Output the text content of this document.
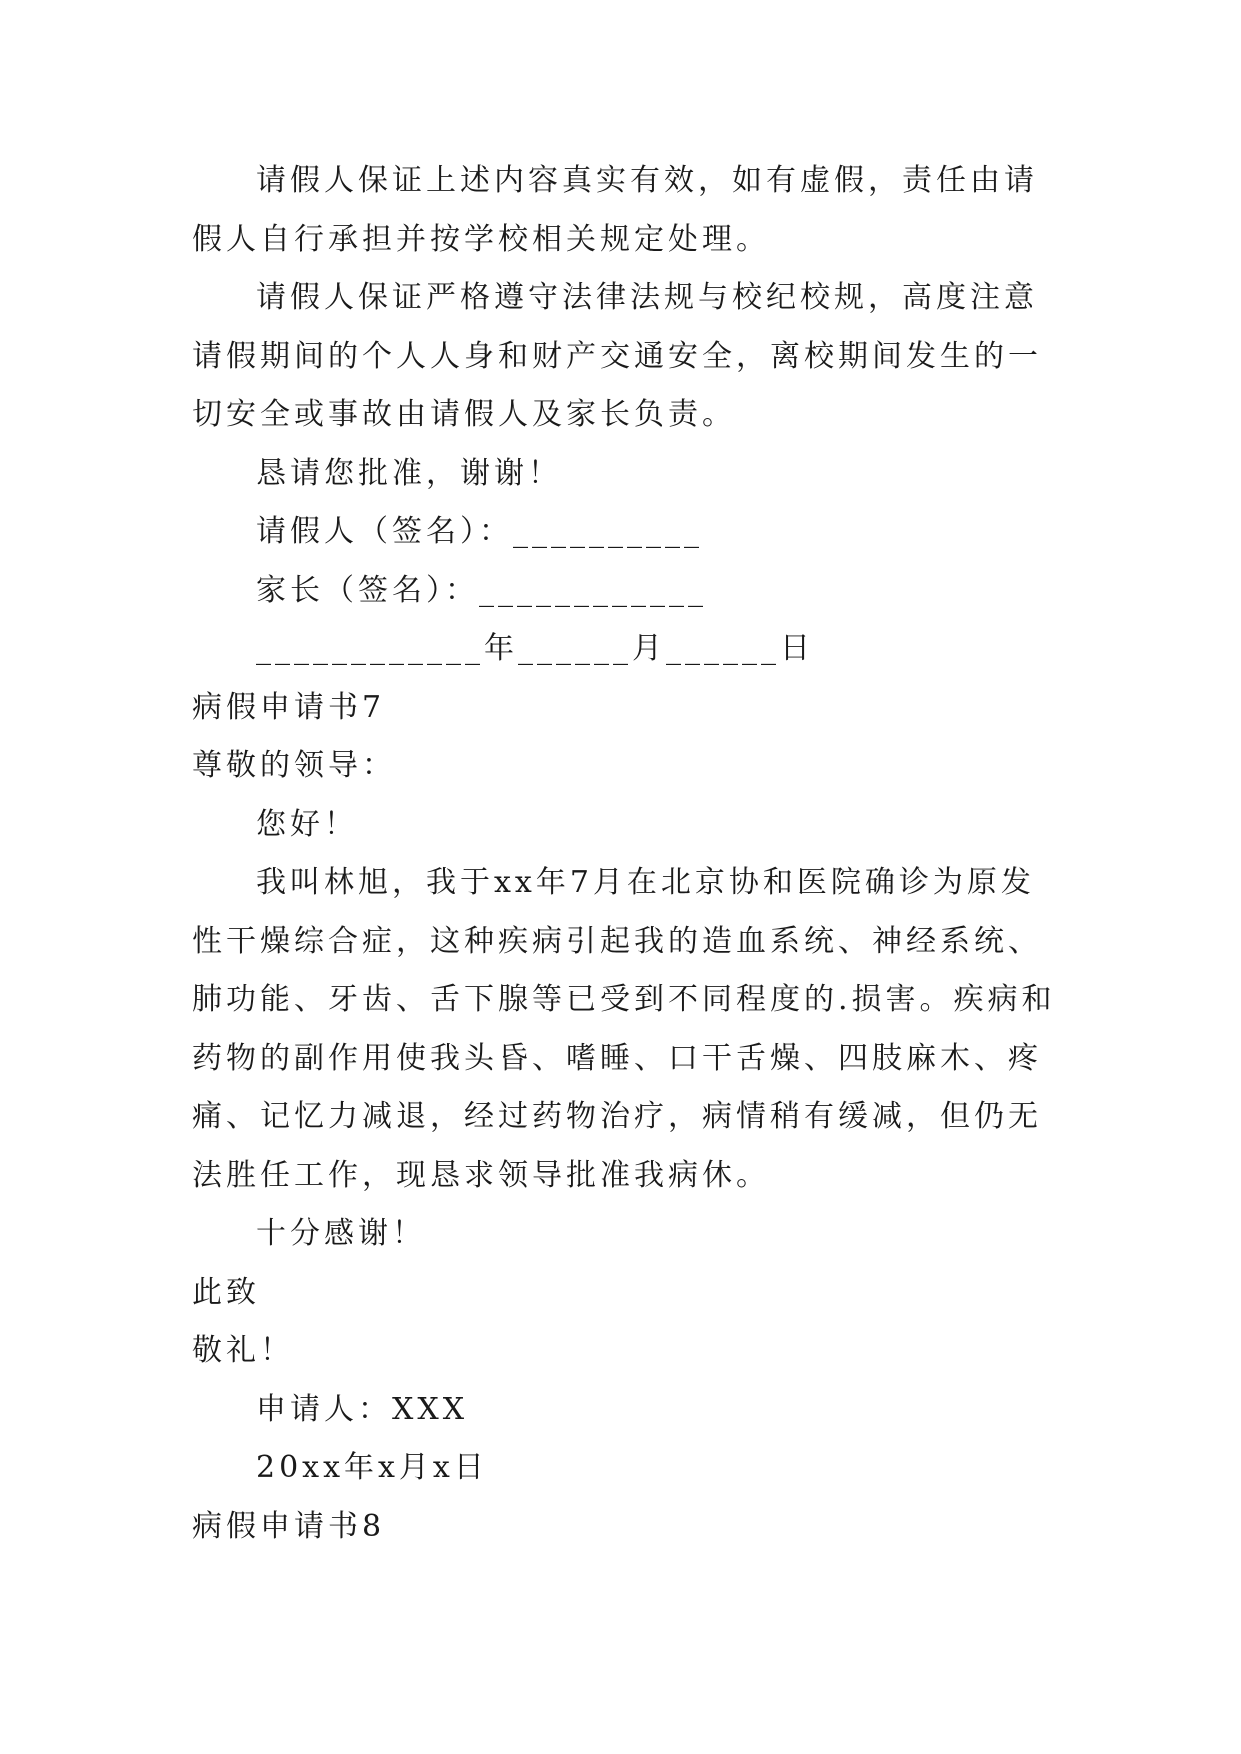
请假人保证上述内容真实有效，如有虚假，责任由请假人自行承担并按学校相关规定处理。

请假人保证严格遵守法律法规与校纪校规，高度注意请假期间的个人人身和财产交通安全，离校期间发生的一切安全或事故由请假人及家长负责。

恳请您批准，谢谢！

请假人（签名）：__________

家长（签名）：____________

____________年______月______日

病假申请书7

尊敬的领导：

您好！

我叫林旭，我于xx年7月在北京协和医院确诊为原发性干燥综合症，这种疾病引起我的造血系统、神经系统、肺功能、牙齿、舌下腺等已受到不同程度的.损害。疾病和药物的副作用使我头昏、嗜睡、口干舌燥、四肢麻木、疼痛、记忆力减退，经过药物治疗，病情稍有缓减，但仍无法胜任工作，现恳求领导批准我病休。

十分感谢！

此致

敬礼！

申请人：XXX

20xx年x月x日

病假申请书8
